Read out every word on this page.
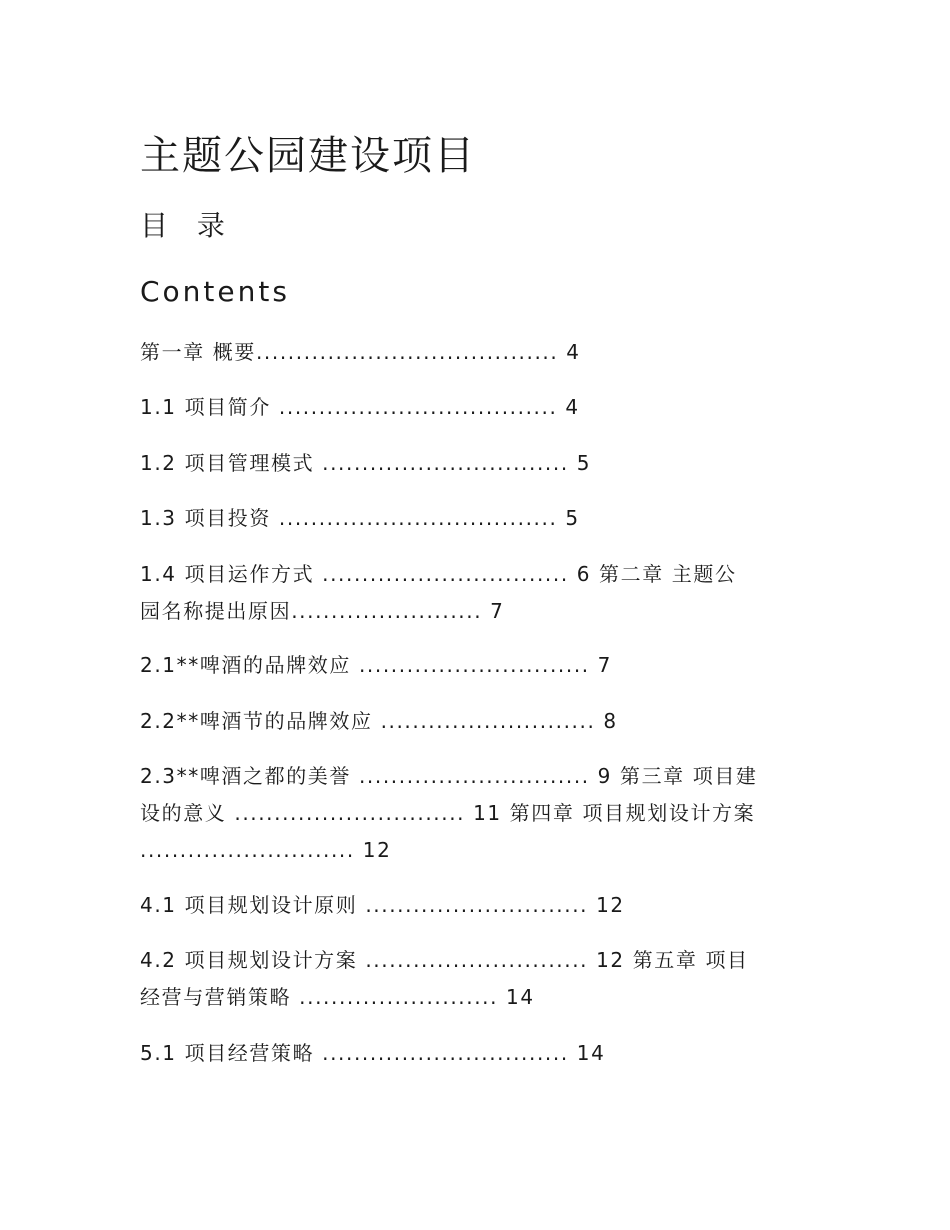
主题公园建设项目
目 录
Contents
第一章 概要...................................... 4
1.1 项目简介 ................................... 4
1.2 项目管理模式 ............................... 5
1.3 项目投资 ................................... 5
1.4 项目运作方式 ............................... 6 第二章 主题公
园名称提出原因........................ 7
2.1**啤酒的品牌效应 ............................. 7
2.2**啤酒节的品牌效应 ........................... 8
2.3**啤酒之都的美誉 ............................. 9 第三章 项目建
设的意义 ............................. 11 第四章 项目规划设计方案
........................... 12
4.1 项目规划设计原则 ............................ 12
4.2 项目规划设计方案 ............................ 12 第五章 项目
经营与营销策略 ......................... 14
5.1 项目经营策略 ............................... 14
